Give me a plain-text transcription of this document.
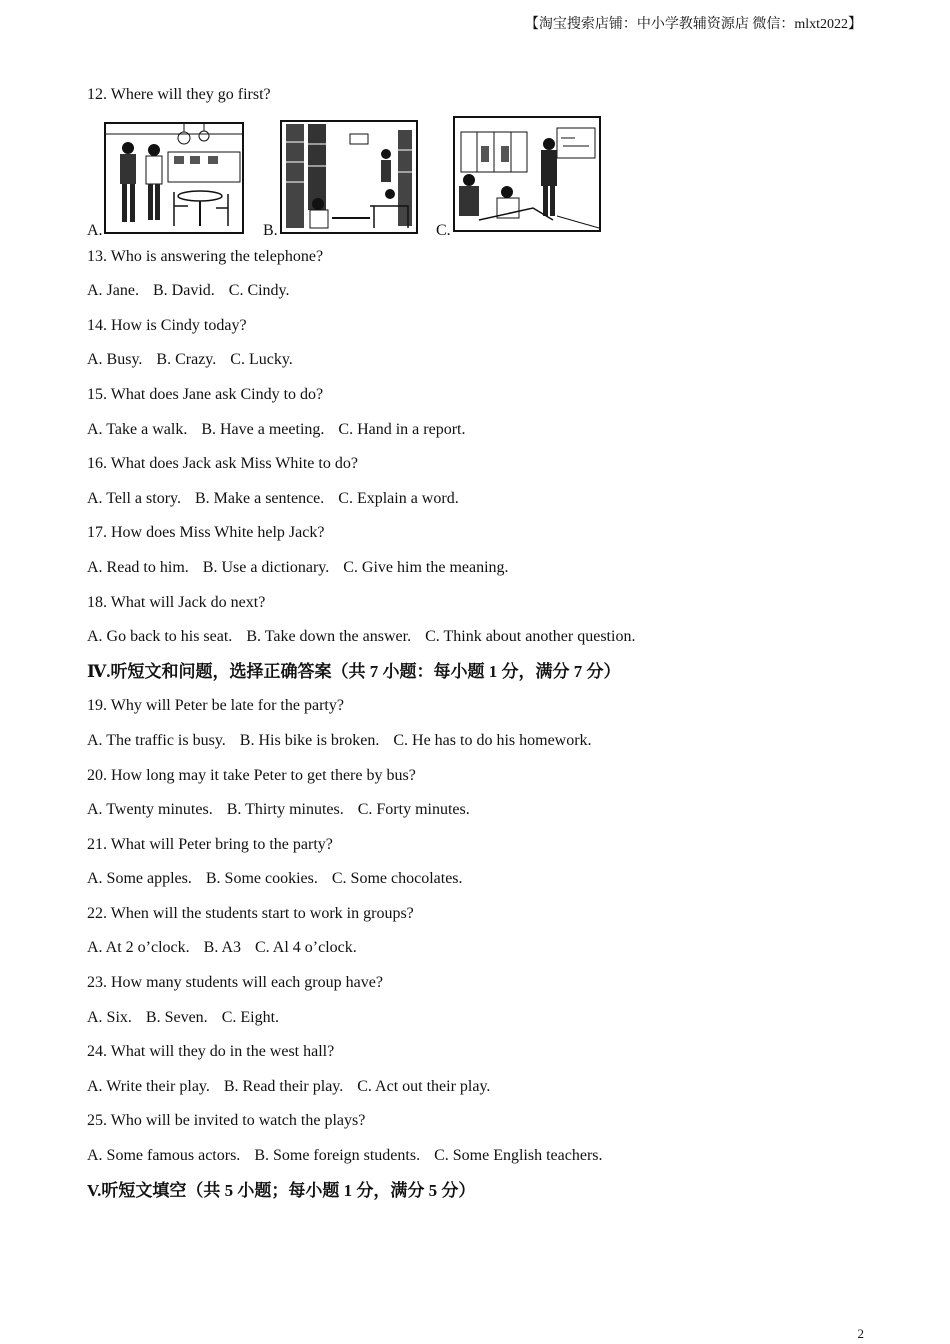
【淘宝搜索店铺：中小学教辅资源店 微信：mlxt2022】
12. Where will they go first?
A.	B.	C.
13. Who is answering the telephone?
A. Jane. B. David. C. Cindy.
14. How is Cindy today?
A. Busy. B. Crazy. C. Lucky.
15. What does Jane ask Cindy to do?
A. Take a walk. B. Have a meeting. C. Hand in a report.
16. What does Jack ask Miss White to do?
A. Tell a story. B. Make a sentence. C. Explain a word.
17. How does Miss White help Jack?
A. Read to him. B. Use a dictionary. C. Give him the meaning.
18. What will Jack do next?
A. Go back to his seat. B. Take down the answer. C. Think about another question.
Ⅳ.听短文和问题，选择正确答案（共 7 小题：每小题 1 分，满分 7 分）
19. Why will Peter be late for the party?
A. The traffic is busy. B. His bike is broken. C. He has to do his homework.
20. How long may it take Peter to get there by bus?
A. Twenty minutes. B. Thirty minutes. C. Forty minutes.
21. What will Peter bring to the party?
A. Some apples. B. Some cookies. C. Some chocolates.
22. When will the students start to work in groups?
A. At 2 o’clock. B. A3 C. Al 4 o’clock.
23. How many students will each group have?
A. Six. B. Seven. C. Eight.
24. What will they do in the west hall?
A. Write their play. B. Read their play. C. Act out their play.
25. Who will be invited to watch the plays?
A. Some famous actors. B. Some foreign students. C. Some English teachers.
V.听短文填空（共 5 小题；每小题 1 分，满分 5 分）
2
